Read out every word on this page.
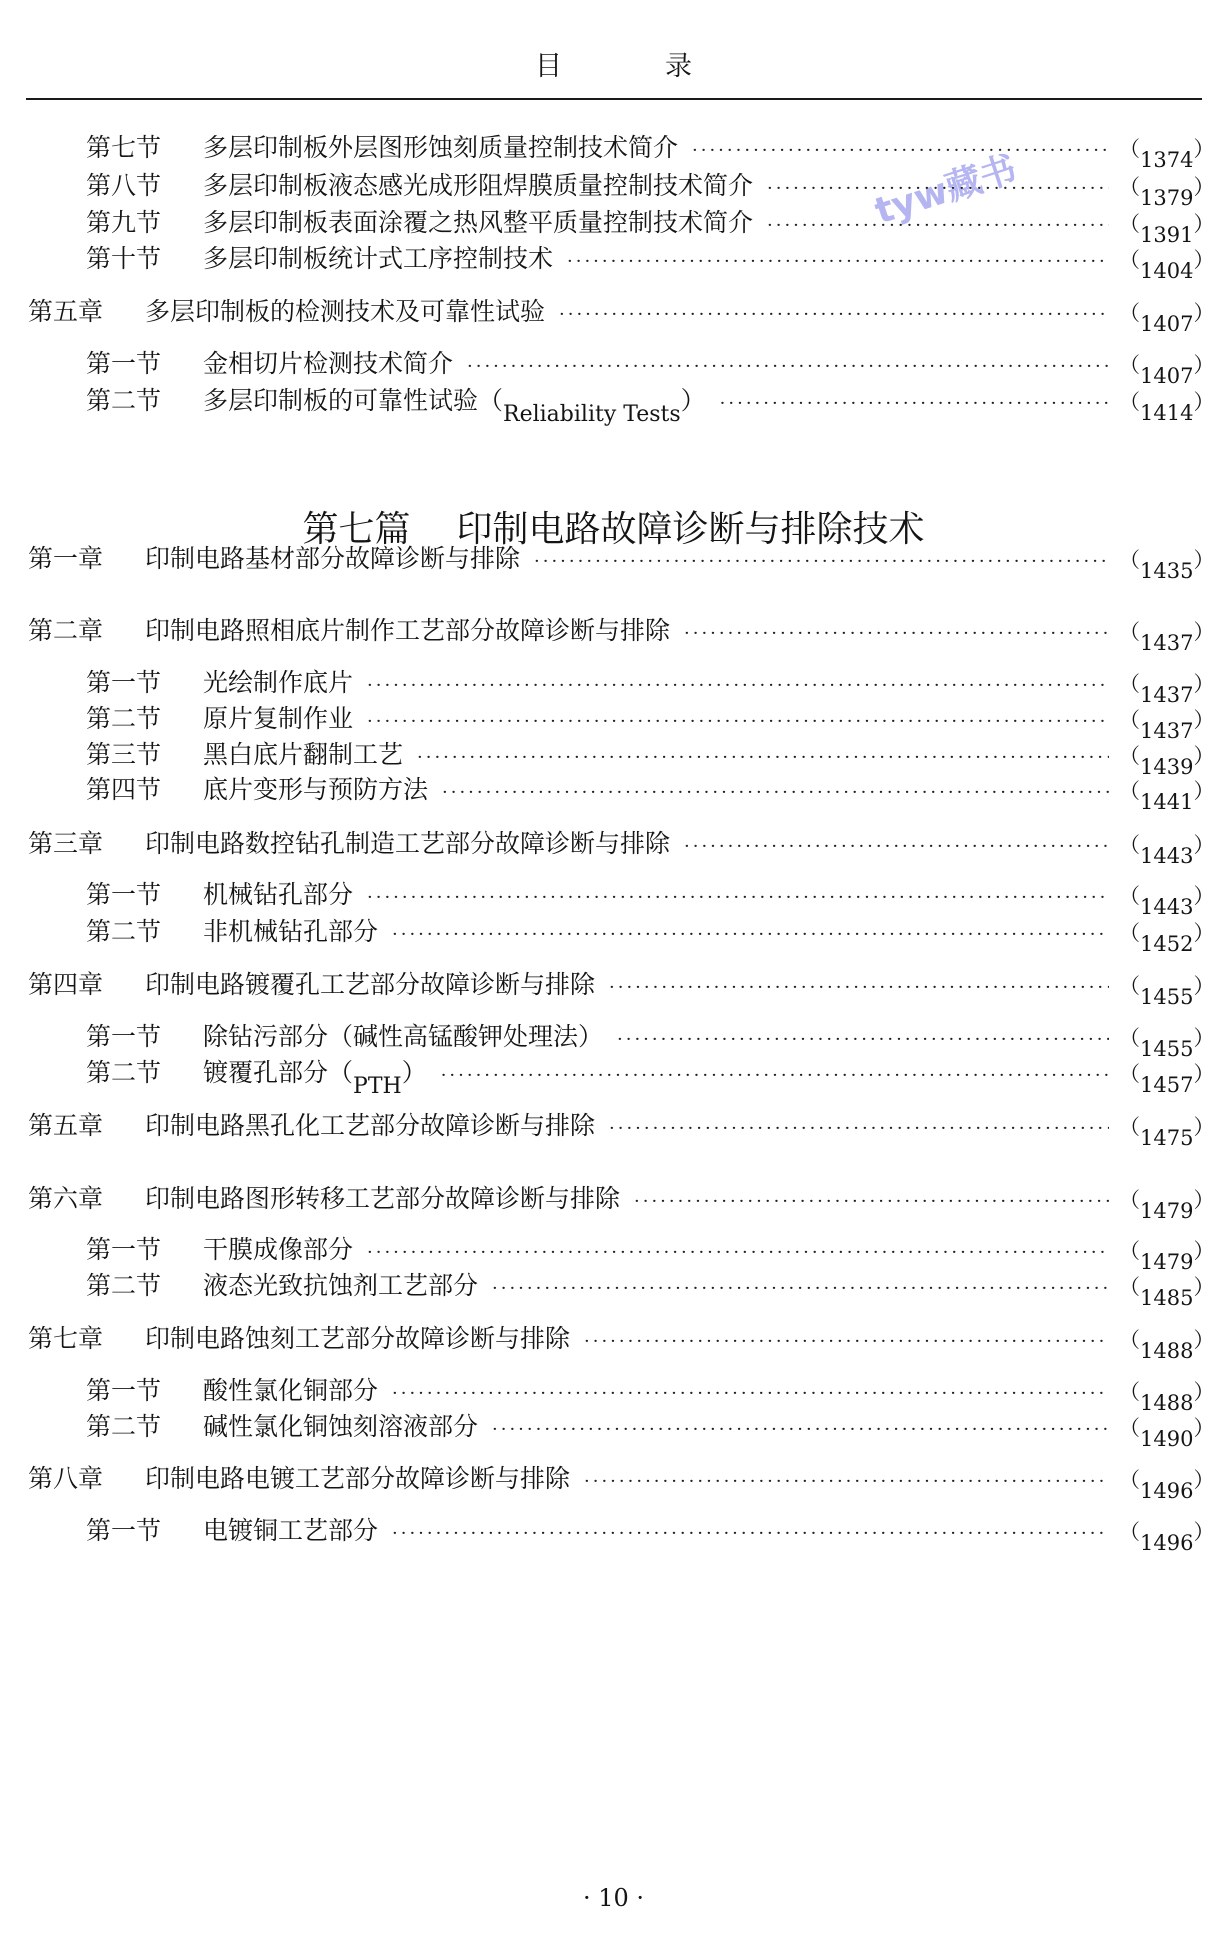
目　录
tyw藏书
第七节	多层印制板外层图形蚀刻质量控制技术简介 ·····	（1374）
第八节	多层印制板液态感光成形阻焊膜质量控制技术简介 ·····	（1379）
第九节	多层印制板表面涂覆之热风整平质量控制技术简介 ·····	（1391）
第十节	多层印制板统计式工序控制技术 ·····	（1404）
第五章	多层印制板的检测技术及可靠性试验 ·····	（1407）
第一节	金相切片检测技术简介 ·····	（1407）
第二节	多层印制板的可靠性试验（Reliability Tests） ·····	（1414）
第一章	印制电路基材部分故障诊断与排除 ·····	（1435）
第二章	印制电路照相底片制作工艺部分故障诊断与排除 ·····	（1437）
第一节	光绘制作底片 ·····	（1437）
第二节	原片复制作业 ·····	（1437）
第三节	黑白底片翻制工艺 ·····	（1439）
第四节	底片变形与预防方法 ·····	（1441）
第三章	印制电路数控钻孔制造工艺部分故障诊断与排除 ·····	（1443）
第一节	机械钻孔部分 ·····	（1443）
第二节	非机械钻孔部分 ·····	（1452）
第四章	印制电路镀覆孔工艺部分故障诊断与排除 ·····	（1455）
第一节	除钻污部分（碱性高锰酸钾处理法） ·····	（1455）
第二节	镀覆孔部分（PTH） ·····	（1457）
第五章	印制电路黑孔化工艺部分故障诊断与排除 ·····	（1475）
第六章	印制电路图形转移工艺部分故障诊断与排除 ·····	（1479）
第一节	干膜成像部分 ·····	（1479）
第二节	液态光致抗蚀剂工艺部分 ·····	（1485）
第七章	印制电路蚀刻工艺部分故障诊断与排除 ·····	（1488）
第一节	酸性氯化铜部分 ·····	（1488）
第二节	碱性氯化铜蚀刻溶液部分 ·····	（1490）
第八章	印制电路电镀工艺部分故障诊断与排除 ·····	（1496）
第一节	电镀铜工艺部分 ·····	（1496）
第七篇 印制电路故障诊断与排除技术
· 10 ·
